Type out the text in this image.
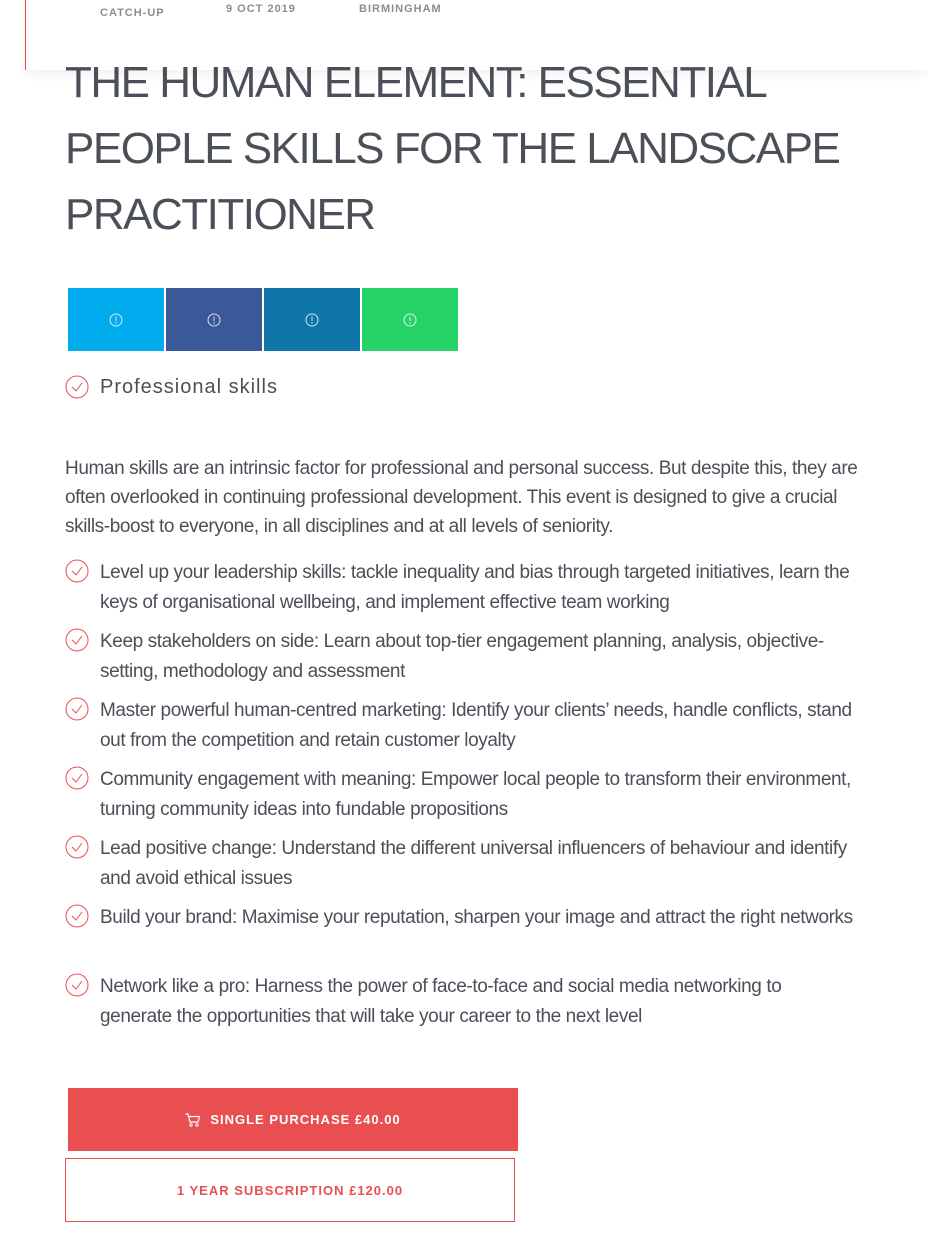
CATCH-UP	9 OCT 2019	BIRMINGHAM
THE HUMAN ELEMENT: ESSENTIAL PEOPLE SKILLS FOR THE LANDSCAPE PRACTITIONER
Professional skills

Human skills are an intrinsic factor for professional and personal success. But despite this, they are often overlooked in continuing professional development. This event is designed to give a crucial skills-boost to everyone, in all disciplines and at all levels of seniority.

Level up your leadership skills: tackle inequality and bias through targeted initiatives, learn the keys of organisational wellbeing, and implement effective team working
Keep stakeholders on side: Learn about top-tier engagement planning, analysis, objective-setting, methodology and assessment
Master powerful human-centred marketing: Identify your clients’ needs, handle conflicts, stand out from the competition and retain customer loyalty
Community engagement with meaning: Empower local people to transform their environment, turning community ideas into fundable propositions
Lead positive change: Understand the different universal influencers of behaviour and identify and avoid ethical issues
Build your brand: Maximise your reputation, sharpen your image and attract the right networks
Network like a pro: Harness the power of face-to-face and social media networking to generate the opportunities that will take your career to the next level
SINGLE PURCHASE £40.00
1 YEAR SUBSCRIPTION £120.00
